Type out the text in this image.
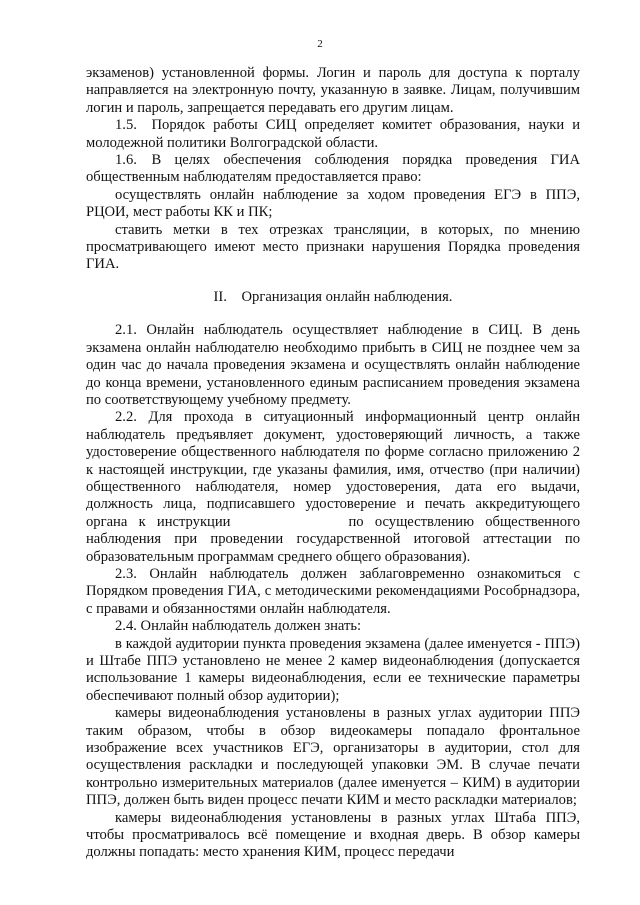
2

экзаменов) установленной формы. Логин и пароль для доступа к порталу направляется на электронную почту, указанную в заявке. Лицам, получившим логин и пароль, запрещается передавать его другим лицам.

1.5. Порядок работы СИЦ определяет комитет образования, науки и молодежной политики Волгоградской области.

1.6. В целях обеспечения соблюдения порядка проведения ГИА общественным наблюдателям предоставляется право:

осуществлять онлайн наблюдение за ходом проведения ЕГЭ в ППЭ, РЦОИ, мест работы КК и ПК;

ставить метки в тех отрезках трансляции, в которых, по мнению просматривающего имеют место признаки нарушения Порядка проведения ГИА.

II. Организация онлайн наблюдения.

2.1. Онлайн наблюдатель осуществляет наблюдение в СИЦ. В день экзамена онлайн наблюдателю необходимо прибыть в СИЦ не позднее чем за один час до начала проведения экзамена и осуществлять онлайн наблюдение до конца времени, установленного единым расписанием проведения экзамена по соответствующему учебному предмету.

2.2. Для прохода в ситуационный информационный центр онлайн наблюдатель предъявляет документ, удостоверяющий личность, а также удостоверение общественного наблюдателя по форме согласно приложению 2 к настоящей инструкции, где указаны фамилия, имя, отчество (при наличии) общественного наблюдателя, номер удостоверения, дата его выдачи, должность лица, подписавшего удостоверение и печать аккредитующего органа к инструкции	по осуществлению общественного наблюдения при проведении государственной итоговой аттестации по образовательным программам среднего общего образования).

2.3. Онлайн наблюдатель должен заблаговременно ознакомиться с Порядком проведения ГИА, с методическими рекомендациями Рособрнадзора, с правами и обязанностями онлайн наблюдателя.

2.4. Онлайн наблюдатель должен знать:

в каждой аудитории пункта проведения экзамена (далее именуется - ППЭ) и Штабе ППЭ установлено не менее 2 камер видеонаблюдения (допускается использование 1 камеры видеонаблюдения, если ее технические параметры обеспечивают полный обзор аудитории);

камеры видеонаблюдения установлены в разных углах аудитории ППЭ таким образом, чтобы в обзор видеокамеры попадало фронтальное изображение всех участников ЕГЭ, организаторы в аудитории, стол для осуществления раскладки и последующей упаковки ЭМ. В случае печати контрольно измерительных материалов (далее именуется – КИМ) в аудитории ППЭ, должен быть виден процесс печати КИМ и место раскладки материалов;

камеры видеонаблюдения установлены в разных углах Штаба ППЭ, чтобы просматривалось всё помещение и входная дверь. В обзор камеры должны попадать: место хранения КИМ, процесс передачи
